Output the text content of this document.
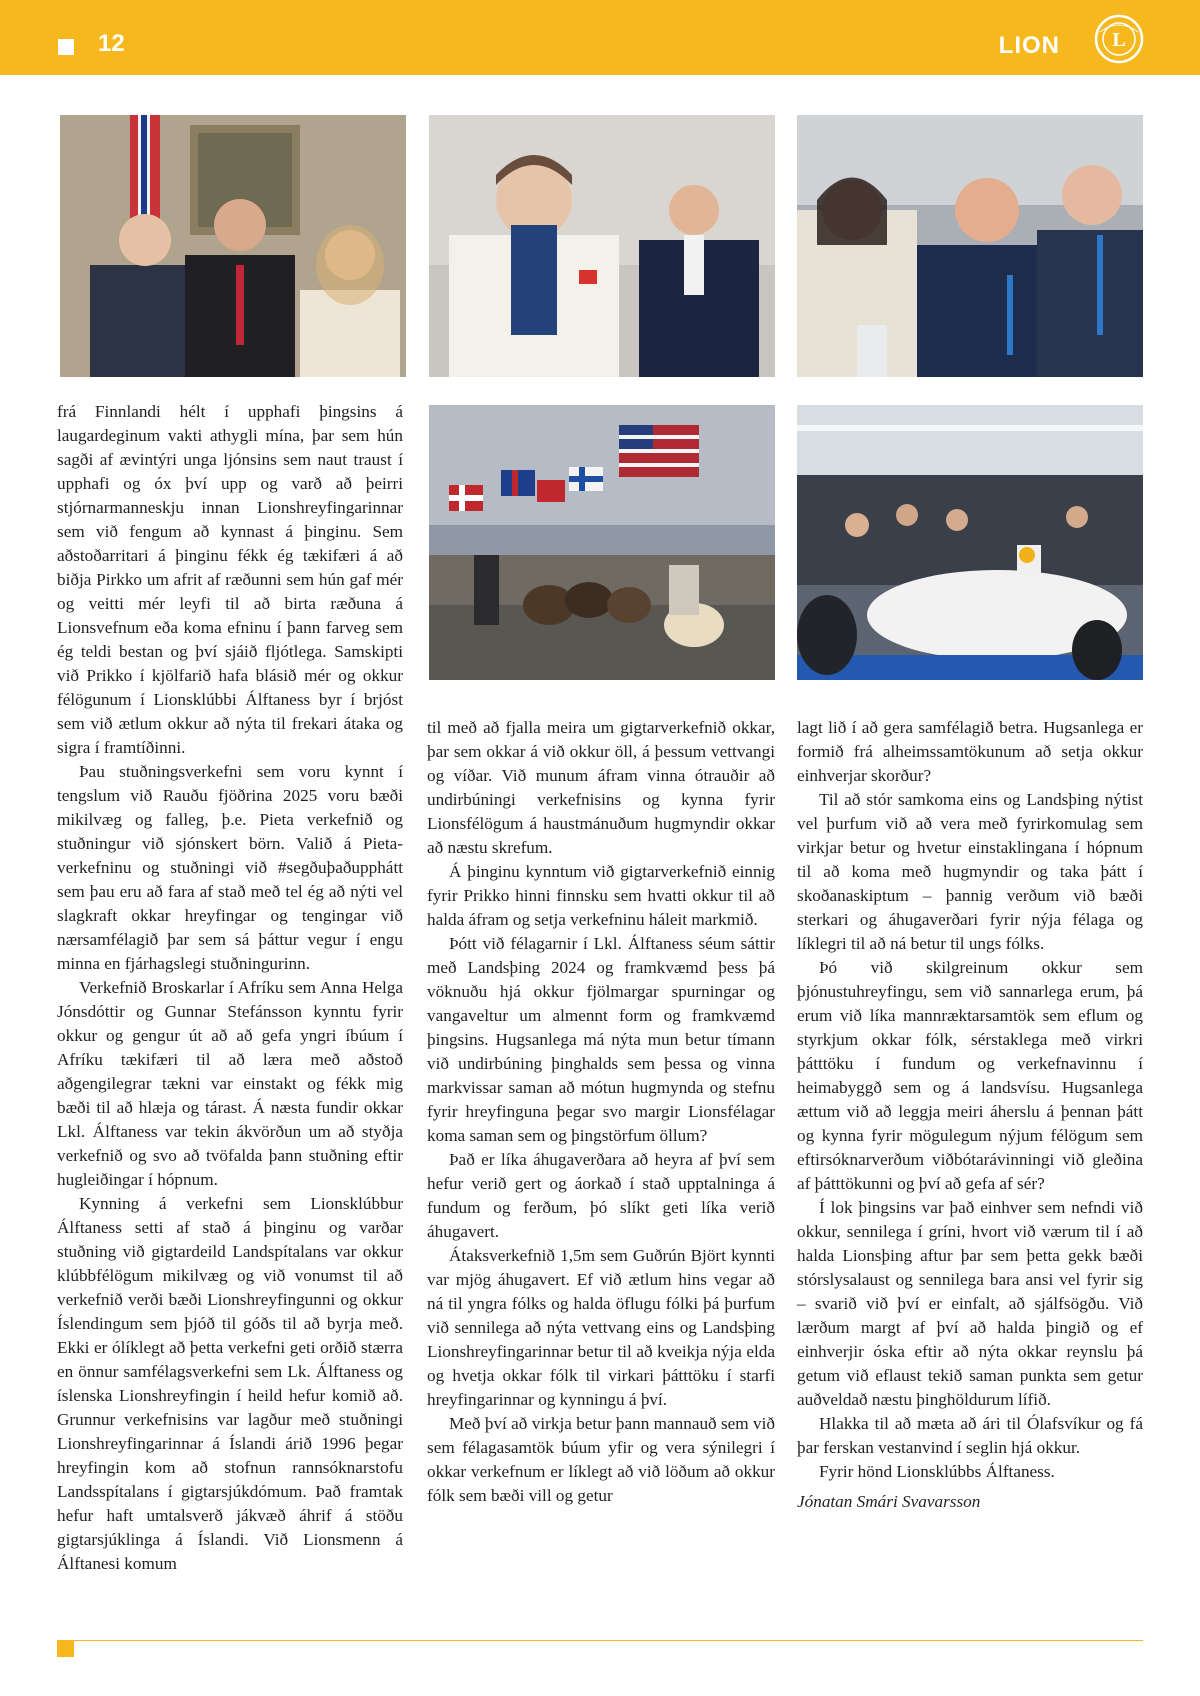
12	LION	L

frá Finnlandi hélt í upphafi þingsins á laugardeginum vakti athygli mína, þar sem hún sagði af ævintýri unga ljónsins sem naut traust í upphafi og óx því upp og varð að þeirri stjórnarmanneskju innan Lionshreyfingarinnar sem við fengum að kynnast á þinginu. Sem aðstoðarritari á þinginu fékk ég tækifæri á að biðja Pirkko um afrit af ræðunni sem hún gaf mér og veitti mér leyfi til að birta ræðuna á Lionsvefnum eða koma efninu í þann farveg sem ég teldi bestan og því sjáið fljótlega. Samskipti við Prikko í kjölfarið hafa blásið mér og okkur félögunum í Lionsklúbbi Álftaness byr í brjóst sem við ætlum okkur að nýta til frekari átaka og sigra í framtíðinni.

Þau stuðningsverkefni sem voru kynnt í tengslum við Rauðu fjöðrina 2025 voru bæði mikilvæg og falleg, þ.e. Pieta verkefnið og stuðningur við sjónskert börn. Valið á Pieta-verkefninu og stuðningi við #segðuþaðupphátt sem þau eru að fara af stað með tel ég að nýti vel slagkraft okkar hreyfingar og tengingar við nærsamfélagið þar sem sá þáttur vegur í engu minna en fjárhagslegi stuðningurinn.

Verkefnið Broskarlar í Afríku sem Anna Helga Jónsdóttir og Gunnar Stefánsson kynntu fyrir okkur og gengur út að að gefa yngri íbúum í Afríku tækifæri til að læra með aðstoð aðgengilegrar tækni var einstakt og fékk mig bæði til að hlæja og tárast. Á næsta fundir okkar Lkl. Álftaness var tekin ákvörðun um að styðja verkefnið og svo að tvöfalda þann stuðning eftir hugleiðingar í hópnum.

Kynning á verkefni sem Lionsklúbbur Álftaness setti af stað á þinginu og varðar stuðning við gigtardeild Landspítalans var okkur klúbbfélögum mikilvæg og við vonumst til að verkefnið verði bæði Lionshreyfingunni og okkur Íslendingum sem þjóð til góðs til að byrja með. Ekki er ólíklegt að þetta verkefni geti orðið stærra en önnur samfélagsverkefni sem Lk. Álftaness og íslenska Lionshreyfingin í heild hefur komið að. Grunnur verkefnisins var lagður með stuðningi Lionshreyfingarinnar á Íslandi árið 1996 þegar hreyfingin kom að stofnun rannsóknarstofu Landsspítalans í gigtarsjúkdómum. Það framtak hefur haft umtalsverð jákvæð áhrif á stöðu gigtarsjúklinga á Íslandi. Við Lionsmenn á Álftanesi komum

til með að fjalla meira um gigtarverkefnið okkar, þar sem okkar á við okkur öll, á þessum vettvangi og víðar. Við munum áfram vinna ótrauðir að undirbúningi verkefnisins og kynna fyrir Lionsfélögum á haustmánuðum hugmyndir okkar að næstu skrefum.

Á þinginu kynntum við gigtarverkefnið einnig fyrir Prikko hinni finnsku sem hvatti okkur til að halda áfram og setja verkefninu háleit markmið.

Þótt við félagarnir í Lkl. Álftaness séum sáttir með Landsþing 2024 og framkvæmd þess þá vöknuðu hjá okkur fjölmargar spurningar og vangaveltur um almennt form og framkvæmd þingsins. Hugsanlega má nýta mun betur tímann við undirbúning þinghalds sem þessa og vinna markvissar saman að mótun hugmynda og stefnu fyrir hreyfinguna þegar svo margir Lionsfélagar koma saman sem og þingstörfum öllum?

Það er líka áhugaverðara að heyra af því sem hefur verið gert og áorkað í stað upptalninga á fundum og ferðum, þó slíkt geti líka verið áhugavert.

Átaksverkefnið 1,5m sem Guðrún Björt kynnti var mjög áhugavert. Ef við ætlum hins vegar að ná til yngra fólks og halda öflugu fólki þá þurfum við sennilega að nýta vettvang eins og Landsþing Lionshreyfingarinnar betur til að kveikja nýja elda og hvetja okkar fólk til virkari þátttöku í starfi hreyfingarinnar og kynningu á því.

Með því að virkja betur þann mannauð sem við sem félagasamtök búum yfir og vera sýnilegri í okkar verkefnum er líklegt að við löðum að okkur fólk sem bæði vill og getur

lagt lið í að gera samfélagið betra. Hugsanlega er formið frá alheimssamtökunum að setja okkur einhverjar skorður?

Til að stór samkoma eins og Landsþing nýtist vel þurfum við að vera með fyrirkomulag sem virkjar betur og hvetur einstaklingana í hópnum til að koma með hugmyndir og taka þátt í skoðanaskiptum – þannig verðum við bæði sterkari og áhugaverðari fyrir nýja félaga og líklegri til að ná betur til ungs fólks.

Þó við skilgreinum okkur sem þjónustuhreyfingu, sem við sannarlega erum, þá erum við líka mannræktarsamtök sem eflum og styrkjum okkar fólk, sérstaklega með virkri þátttöku í fundum og verkefnavinnu í heimabyggð sem og á landsvísu. Hugsanlega ættum við að leggja meiri áherslu á þennan þátt og kynna fyrir mögulegum nýjum félögum sem eftirsóknarverðum viðbótarávinningi við gleðina af þátttökunni og því að gefa af sér?

Í lok þingsins var það einhver sem nefndi við okkur, sennilega í gríni, hvort við værum til í að halda Lionsþing aftur þar sem þetta gekk bæði stórslysalaust og sennilega bara ansi vel fyrir sig – svarið við því er einfalt, að sjálfsögðu. Við lærðum margt af því að halda þingið og ef einhverjir óska eftir að nýta okkar reynslu þá getum við eflaust tekið saman punkta sem getur auðveldað næstu þinghöldurum lífið.

Hlakka til að mæta að ári til Ólafsvíkur og fá þar ferskan vestanvind í seglin hjá okkur.

Fyrir hönd Lionsklúbbs Álftaness.

Jónatan Smári Svavarsson
